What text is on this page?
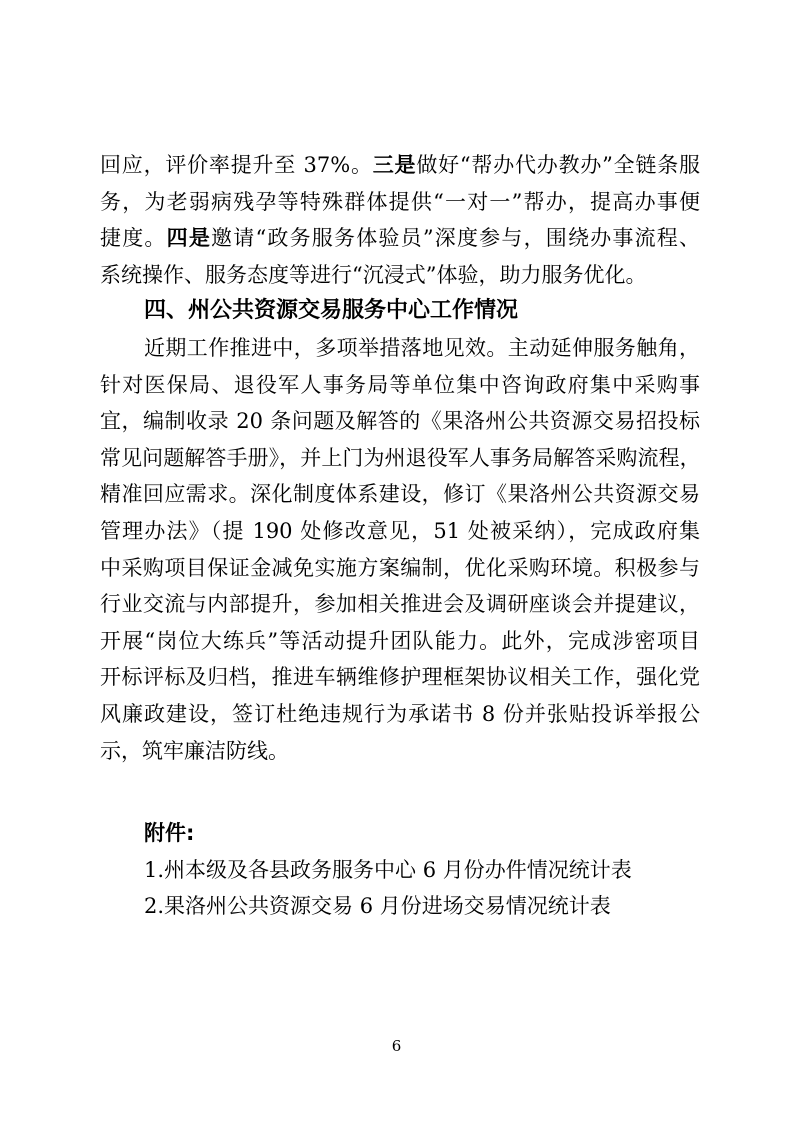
回应，评价率提升至 37%。三是做好“帮办代办教办”全链条服
务，为老弱病残孕等特殊群体提供“一对一”帮办，提高办事便
捷度。四是邀请“政务服务体验员”深度参与，围绕办事流程、
系统操作、服务态度等进行“沉浸式”体验，助力服务优化。
四、州公共资源交易服务中心工作情况
近期工作推进中，多项举措落地见效。主动延伸服务触角，
针对医保局、退役军人事务局等单位集中咨询政府集中采购事
宜，编制收录 20 条问题及解答的《果洛州公共资源交易招投标
常见问题解答手册》，并上门为州退役军人事务局解答采购流程，
精准回应需求。深化制度体系建设，修订《果洛州公共资源交易
管理办法》（提 190 处修改意见，51 处被采纳），完成政府集
中采购项目保证金减免实施方案编制，优化采购环境。积极参与
行业交流与内部提升，参加相关推进会及调研座谈会并提建议，
开展“岗位大练兵”等活动提升团队能力。此外，完成涉密项目
开标评标及归档，推进车辆维修护理框架协议相关工作，强化党
风廉政建设，签订杜绝违规行为承诺书 8 份并张贴投诉举报公
示，筑牢廉洁防线。
附件:
1.州本级及各县政务服务中心 6 月份办件情况统计表
2.果洛州公共资源交易 6 月份进场交易情况统计表
6
